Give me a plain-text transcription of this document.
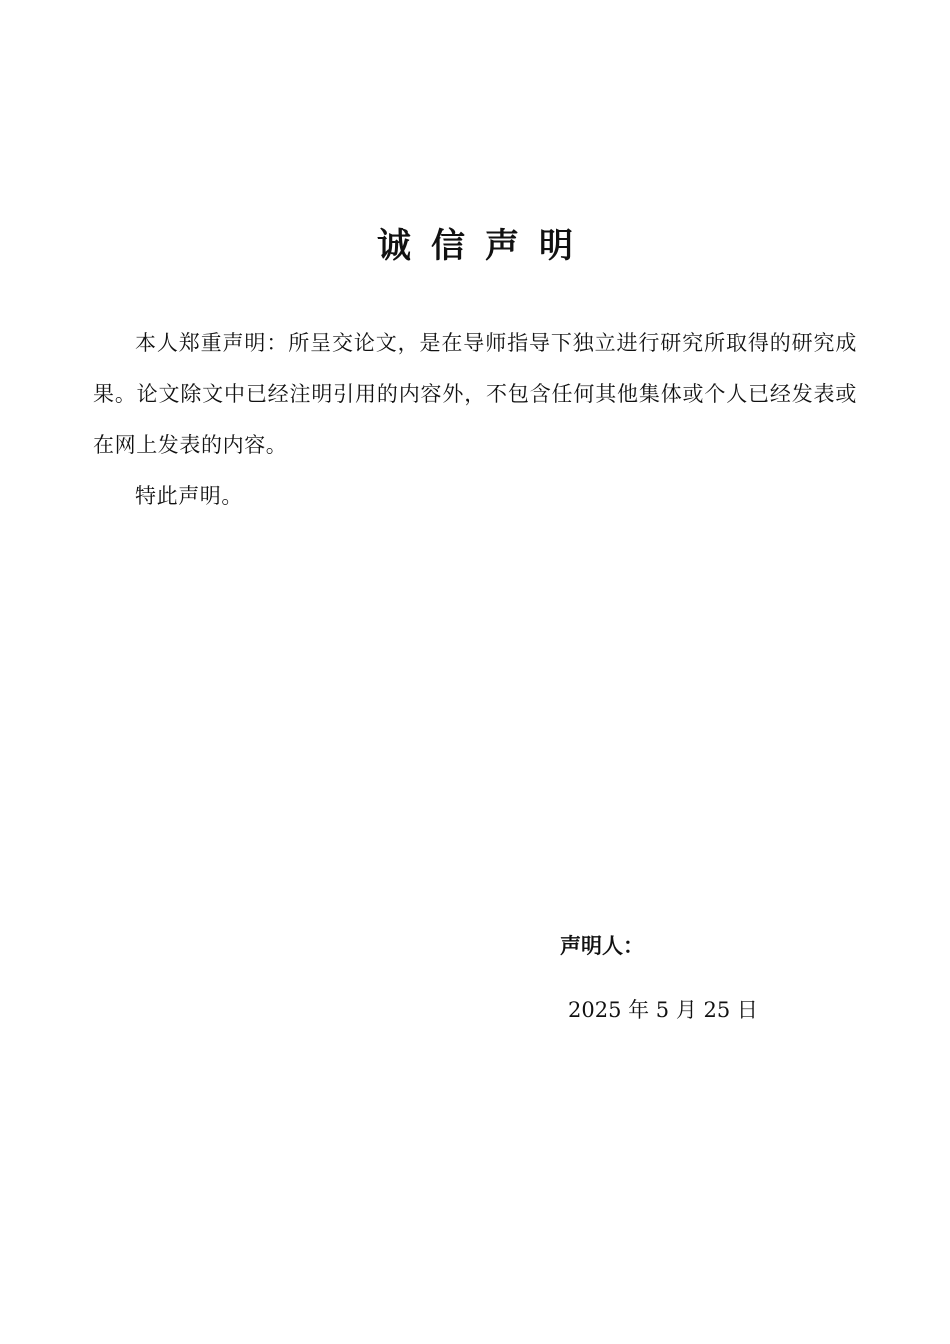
诚信声明

本人郑重声明：所呈交论文，是在导师指导下独立进行研究所取得的研究成果。论文除文中已经注明引用的内容外，不包含任何其他集体或个人已经发表或在网上发表的内容。

特此声明。

声明人：

2025 年 5 月 25 日
